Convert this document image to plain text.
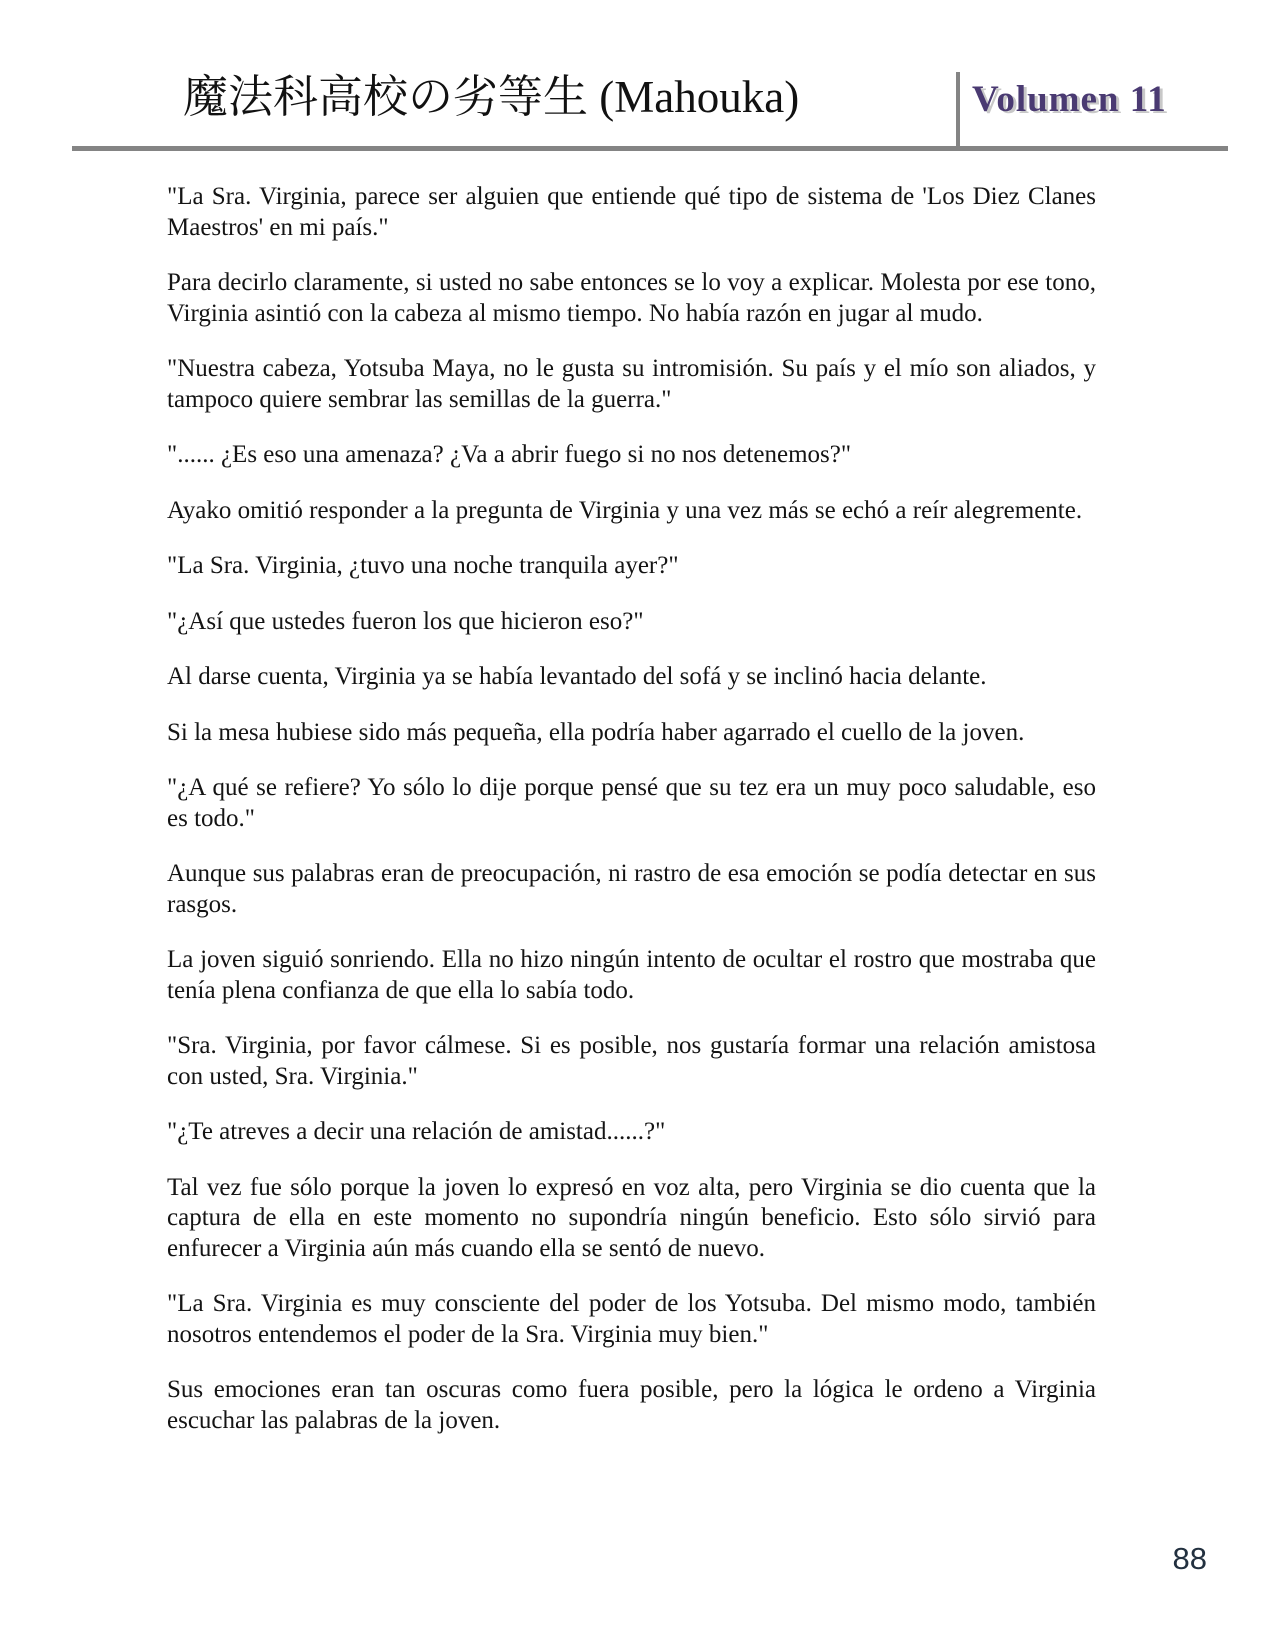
魔法科高校の劣等生 (Mahouka)	Volumen 11

"La Sra. Virginia, parece ser alguien que entiende qué tipo de sistema de 'Los Diez Clanes Maestros' en mi país."

Para decirlo claramente, si usted no sabe entonces se lo voy a explicar. Molesta por ese tono, Virginia asintió con la cabeza al mismo tiempo. No había razón en jugar al mudo.

"Nuestra cabeza, Yotsuba Maya, no le gusta su intromisión. Su país y el mío son aliados, y tampoco quiere sembrar las semillas de la guerra."

"...... ¿Es eso una amenaza? ¿Va a abrir fuego si no nos detenemos?"

Ayako omitió responder a la pregunta de Virginia y una vez más se echó a reír alegremente.

"La Sra. Virginia, ¿tuvo una noche tranquila ayer?"

"¿Así que ustedes fueron los que hicieron eso?"

Al darse cuenta, Virginia ya se había levantado del sofá y se inclinó hacia delante.

Si la mesa hubiese sido más pequeña, ella podría haber agarrado el cuello de la joven.

"¿A qué se refiere? Yo sólo lo dije porque pensé que su tez era un muy poco saludable, eso es todo."

Aunque sus palabras eran de preocupación, ni rastro de esa emoción se podía detectar en sus rasgos.

La joven siguió sonriendo. Ella no hizo ningún intento de ocultar el rostro que mostraba que tenía plena confianza de que ella lo sabía todo.

"Sra. Virginia, por favor cálmese. Si es posible, nos gustaría formar una relación amistosa con usted, Sra. Virginia."

"¿Te atreves a decir una relación de amistad......?"

Tal vez fue sólo porque la joven lo expresó en voz alta, pero Virginia se dio cuenta que la captura de ella en este momento no supondría ningún beneficio. Esto sólo sirvió para enfurecer a Virginia aún más cuando ella se sentó de nuevo.

"La Sra. Virginia es muy consciente del poder de los Yotsuba. Del mismo modo, también nosotros entendemos el poder de la Sra. Virginia muy bien."

Sus emociones eran tan oscuras como fuera posible, pero la lógica le ordeno a Virginia escuchar las palabras de la joven.

88
